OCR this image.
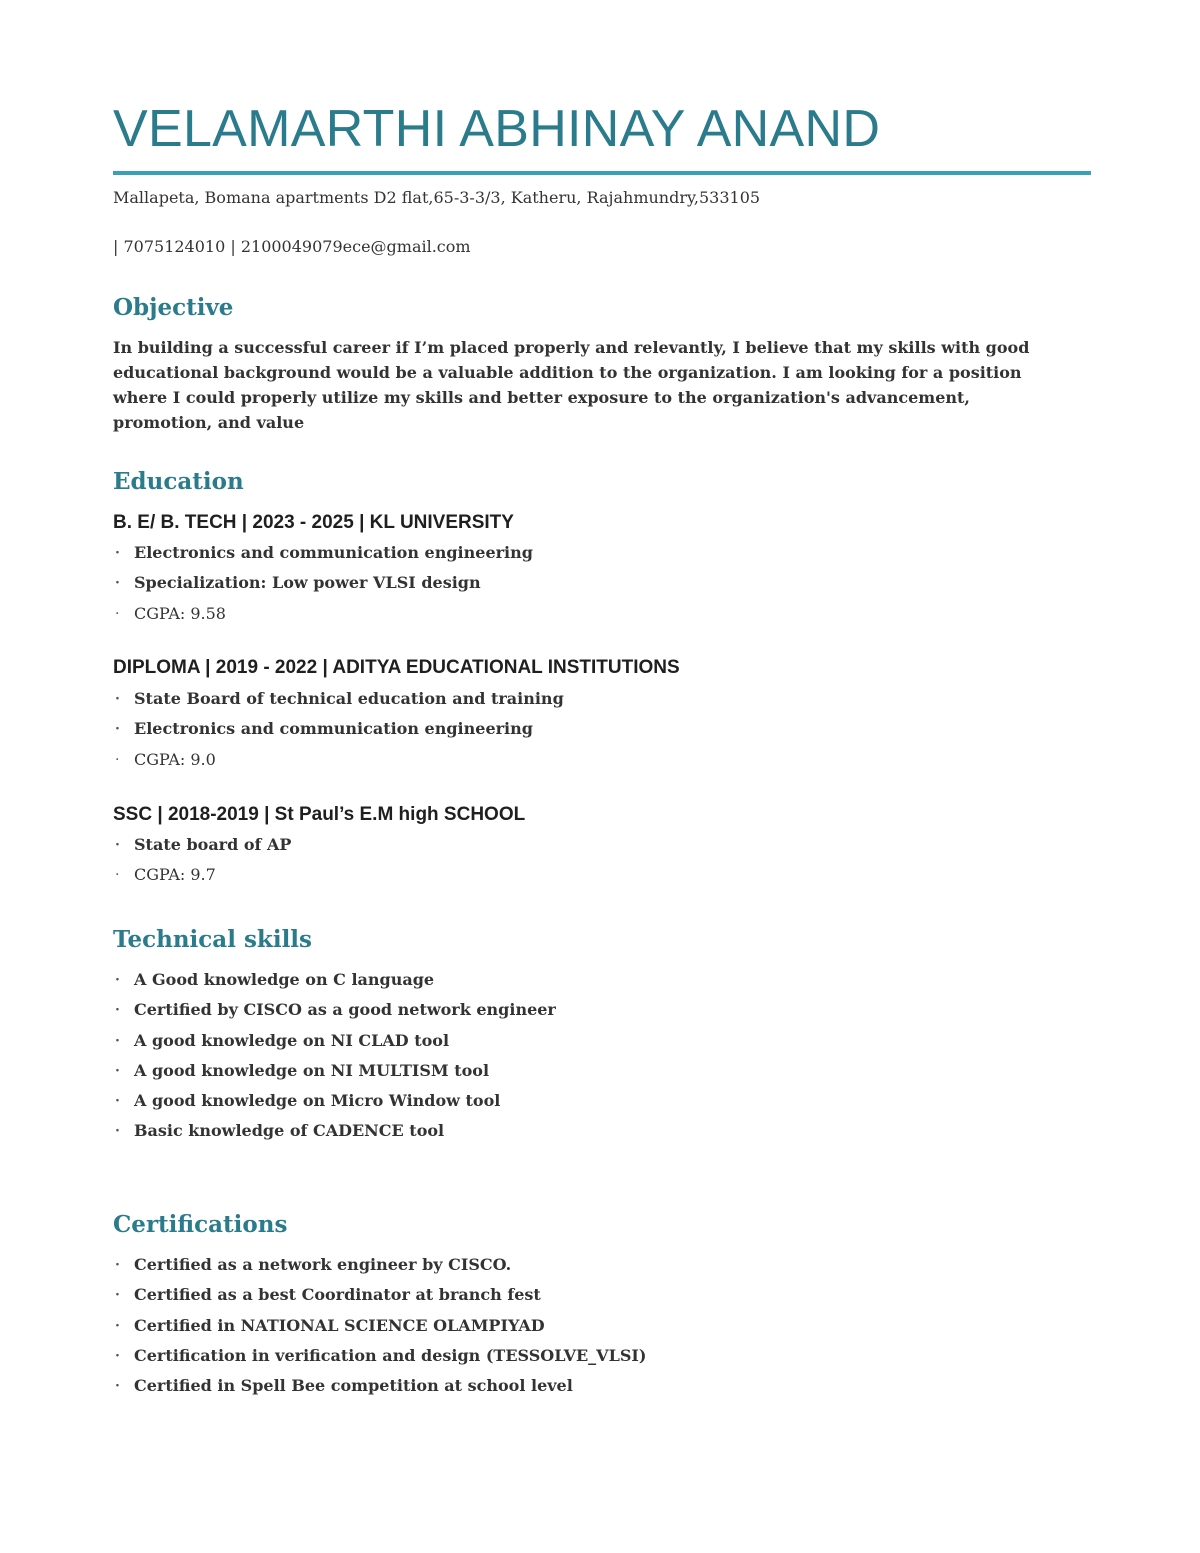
VELAMARTHI ABHINAY ANAND
Mallapeta, Bomana apartments D2 flat,65-3-3/3, Katheru, Rajahmundry,533105
| 7075124010 | 2100049079ece@gmail.com
Objective

In building a successful career if I’m placed properly and relevantly, I believe that my skills with good educational background would be a valuable addition to the organization. I am looking for a position where I could properly utilize my skills and better exposure to the organization's advancement, promotion, and value

Education
B. E/ B. TECH | 2023 - 2025 | KL UNIVERSITY
· Electronics and communication engineering
· Specialization: Low power VLSI design
· CGPA: 9.58
DIPLOMA | 2019 - 2022 | ADITYA EDUCATIONAL INSTITUTIONS
· State Board of technical education and training
· Electronics and communication engineering
· CGPA: 9.0
SSC | 2018-2019 | St Paul’s E.M high SCHOOL
· State board of AP
· CGPA: 9.7
Technical skills
· A Good knowledge on C language
· Certified by CISCO as a good network engineer
· A good knowledge on NI CLAD tool
· A good knowledge on NI MULTISM tool
· A good knowledge on Micro Window tool
· Basic knowledge of CADENCE tool
Certifications
· Certified as a network engineer by CISCO.
· Certified as a best Coordinator at branch fest
· Certified in NATIONAL SCIENCE OLAMPIYAD
· Certification in verification and design (TESSOLVE_VLSI)
· Certified in Spell Bee competition at school level
